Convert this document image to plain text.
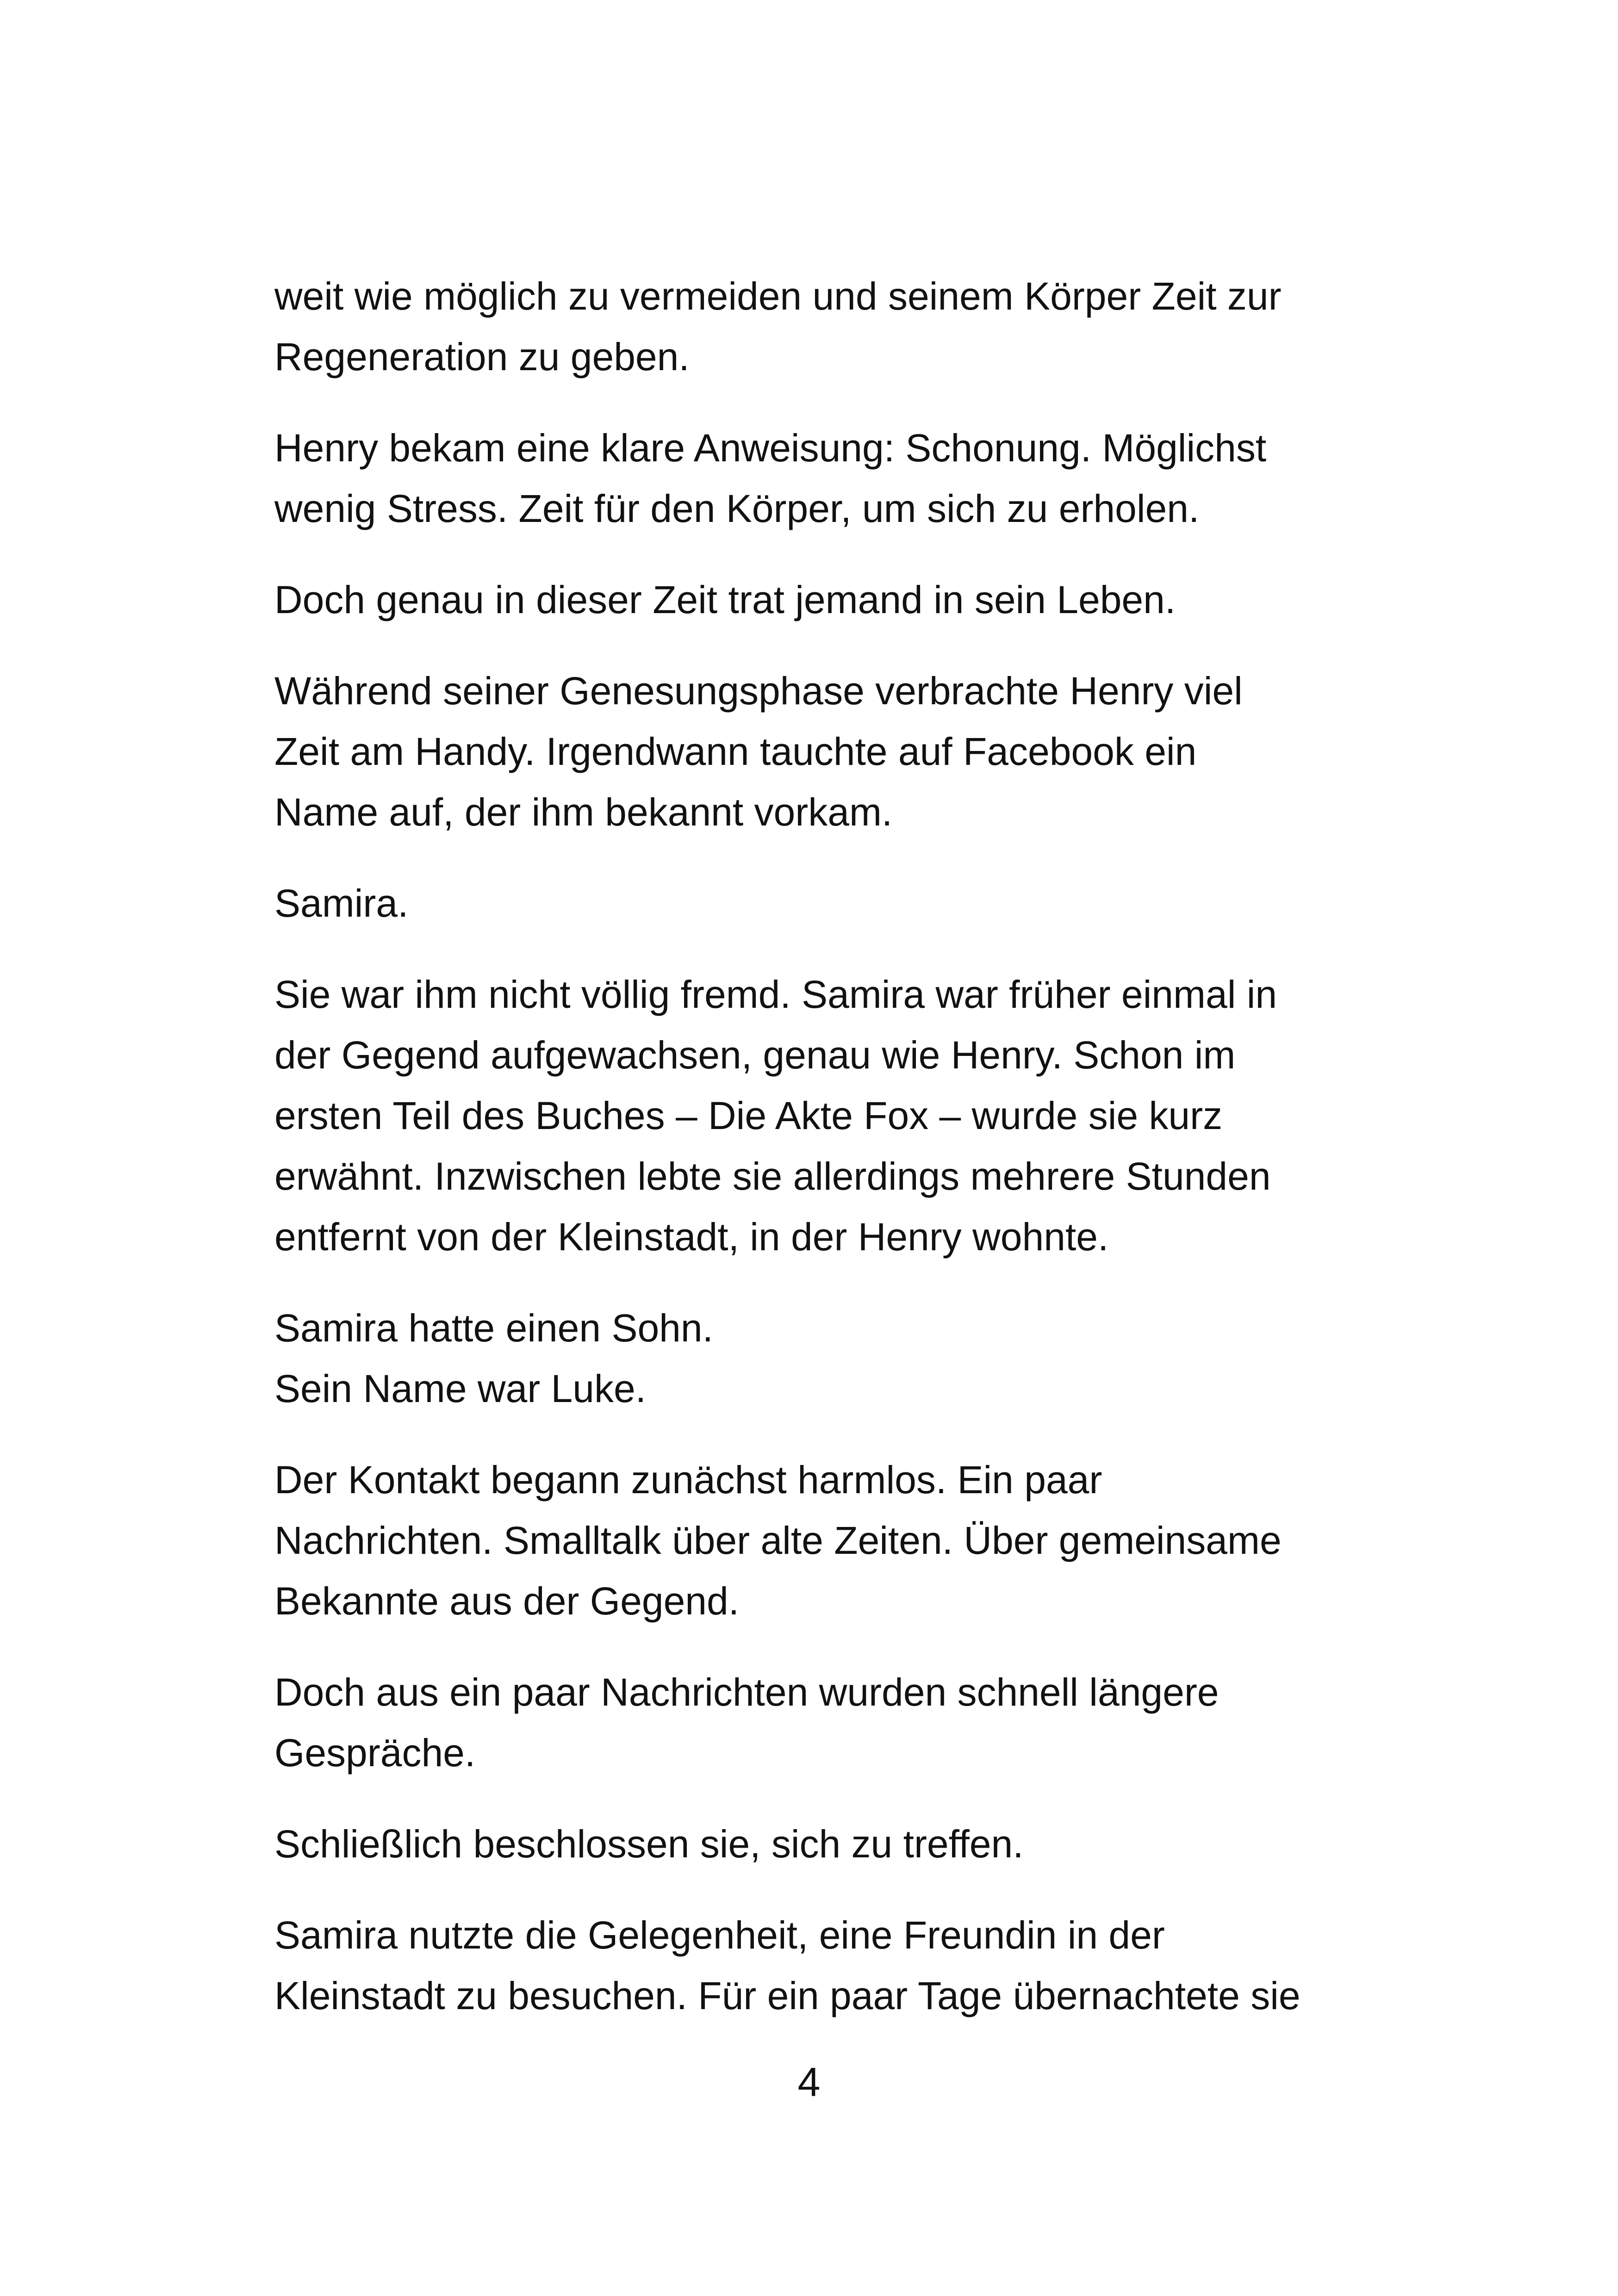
weit wie möglich zu vermeiden und seinem Körper Zeit zur
Regeneration zu geben.

Henry bekam eine klare Anweisung: Schonung. Möglichst
wenig Stress. Zeit für den Körper, um sich zu erholen.

Doch genau in dieser Zeit trat jemand in sein Leben.

Während seiner Genesungsphase verbrachte Henry viel
Zeit am Handy. Irgendwann tauchte auf Facebook ein
Name auf, der ihm bekannt vorkam.

Samira.

Sie war ihm nicht völlig fremd. Samira war früher einmal in
der Gegend aufgewachsen, genau wie Henry. Schon im
ersten Teil des Buches – Die Akte Fox – wurde sie kurz
erwähnt. Inzwischen lebte sie allerdings mehrere Stunden
entfernt von der Kleinstadt, in der Henry wohnte.

Samira hatte einen Sohn.
Sein Name war Luke.

Der Kontakt begann zunächst harmlos. Ein paar
Nachrichten. Smalltalk über alte Zeiten. Über gemeinsame
Bekannte aus der Gegend.

Doch aus ein paar Nachrichten wurden schnell längere
Gespräche.

Schließlich beschlossen sie, sich zu treffen.

Samira nutzte die Gelegenheit, eine Freundin in der
Kleinstadt zu besuchen. Für ein paar Tage übernachtete sie

4
